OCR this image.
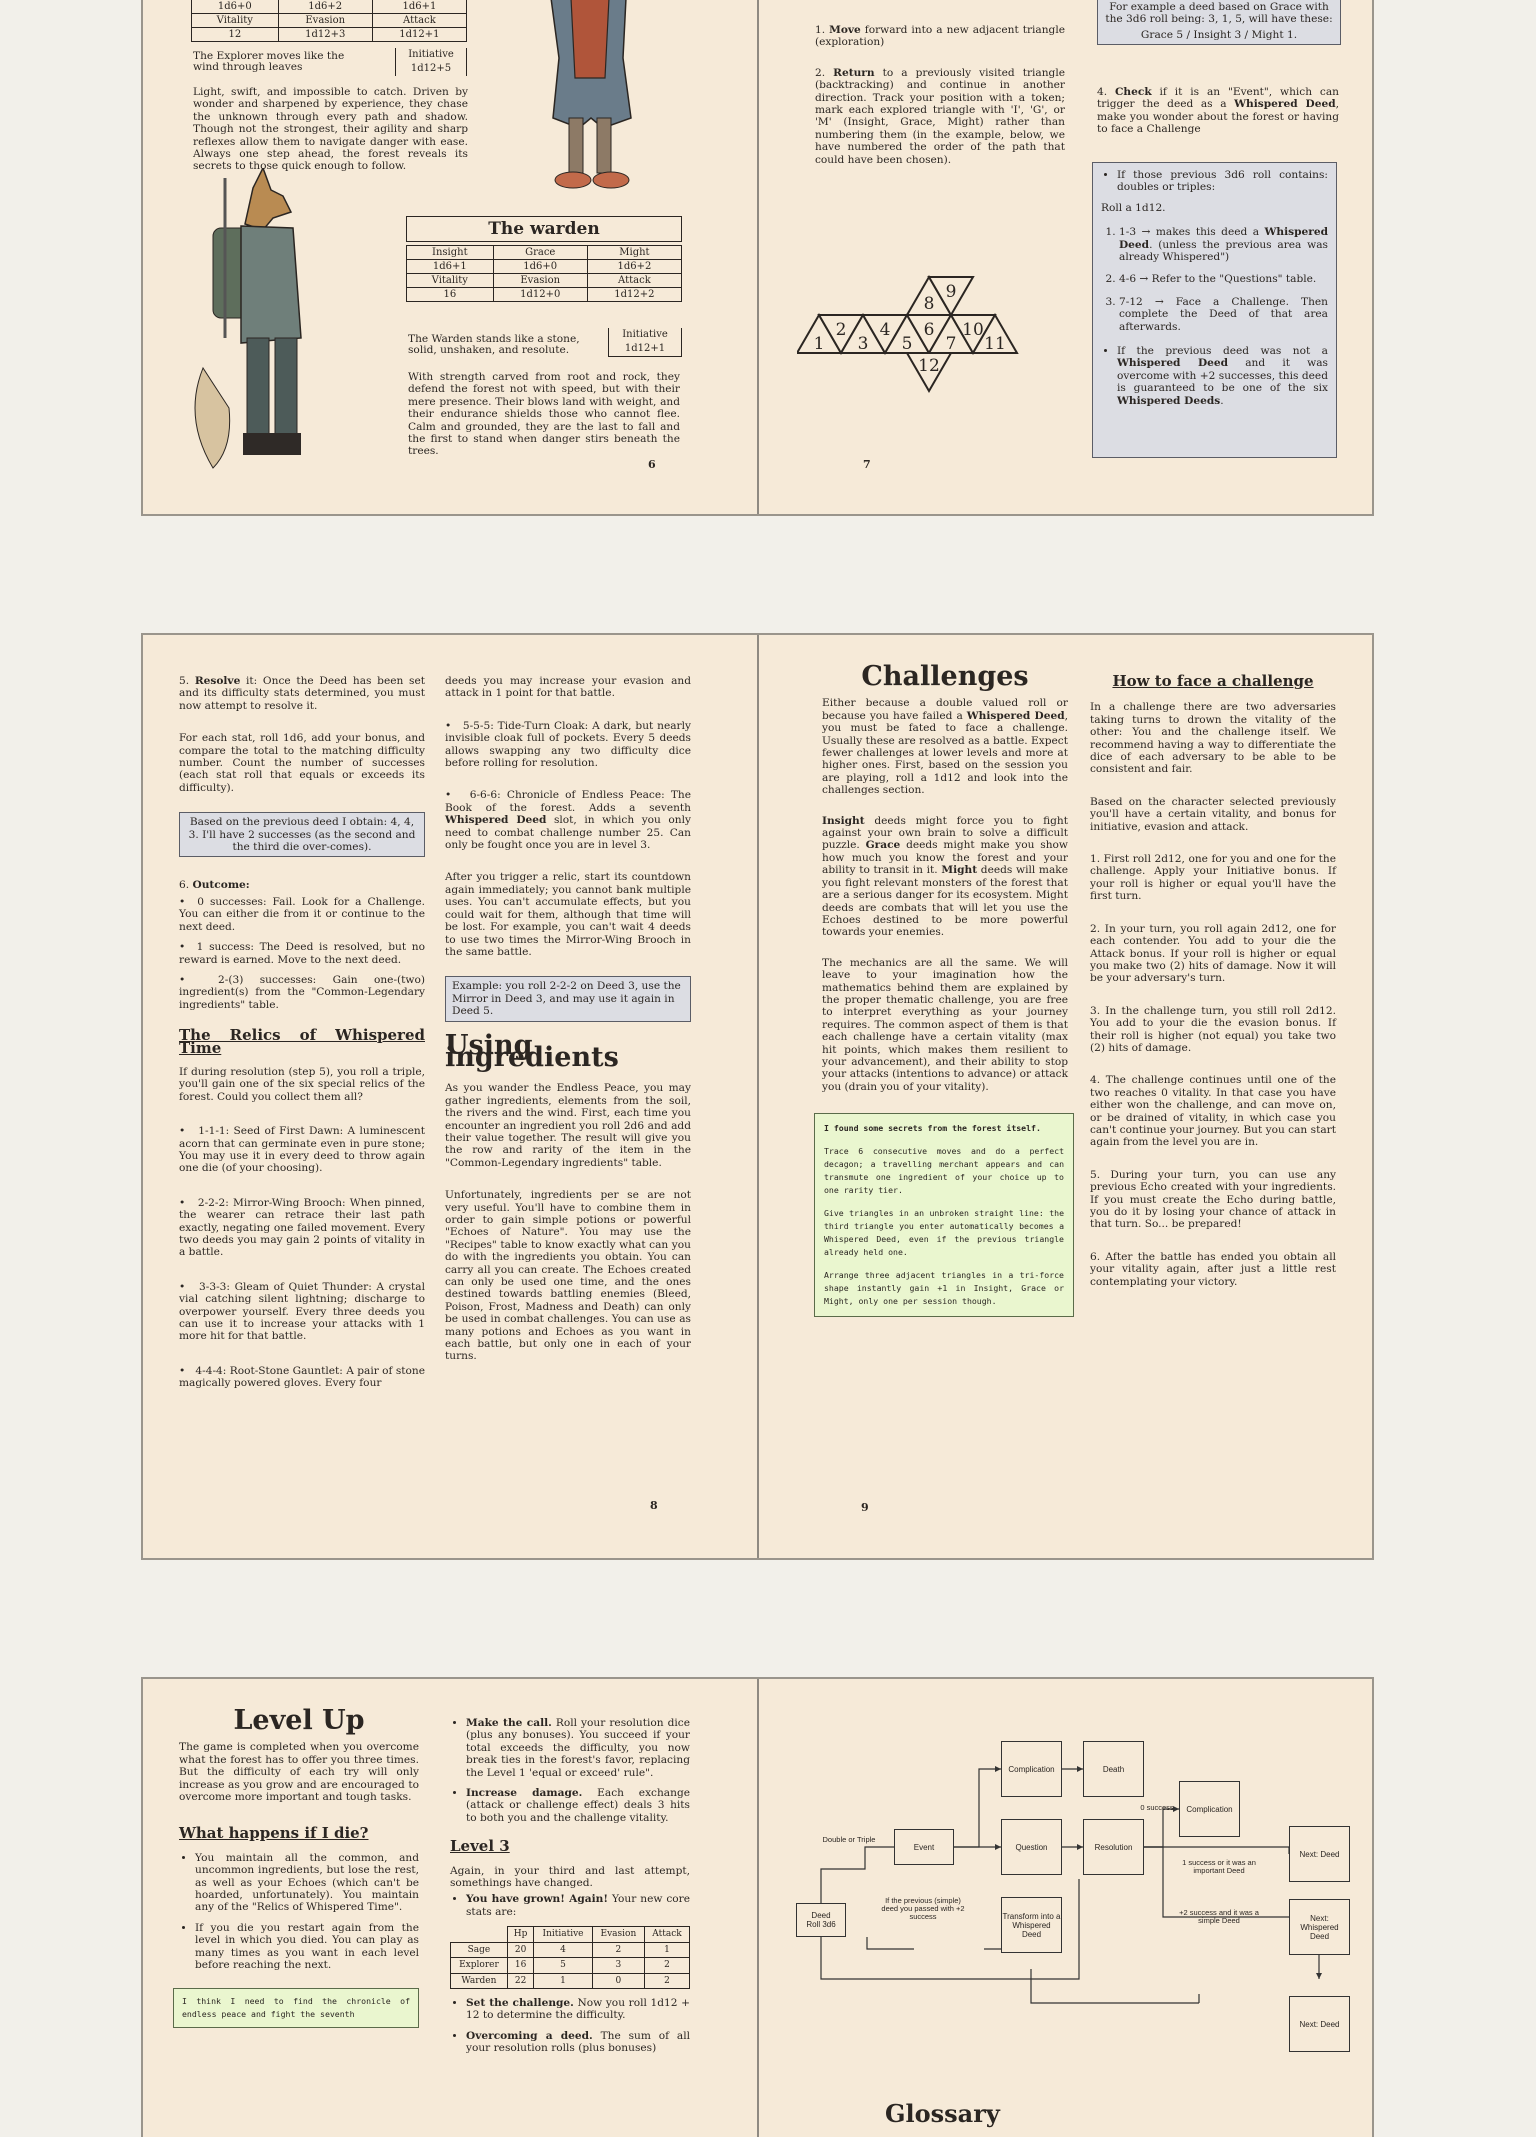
1d6+0	1d6+2	1d6+1
Vitality	Evasion	Attack
12	1d12+3	1d12+1
The Explorer moves like the wind through leaves
Initiative
1d12+5
Light, swift, and impossible to catch. Driven by wonder and sharpened by experience, they chase the unknown through every path and shadow. Though not the strongest, their agility and sharp reflexes allow them to navigate danger with ease. Always one step ahead, the forest reveals its secrets to those quick enough to follow.
The warden
Insight	Grace	Might
1d6+1	1d6+0	1d6+2
Vitality	Evasion	Attack
16	1d12+0	1d12+2
The Warden stands like a stone, solid, unshaken, and resolute.
Initiative
1d12+1
With strength carved from root and rock, they defend the forest not with speed, but with their mere presence. Their blows land with weight, and their endurance shields those who cannot flee. Calm and grounded, they are the last to fall and the first to stand when danger stirs beneath the trees.
6

1. Move forward into a new adjacent triangle (exploration)

2. Return to a previously visited triangle (backtracking) and continue in another direction. Track your position with a token; mark each explored triangle with 'I', 'G', or 'M' (Insight, Grace, Might) rather than numbering them (in the example, below, we have numbered the order of the path that could have been chosen).

1
2
3
4
5
6
7
8
9
10
11
12
7
For example a deed based on Grace with the 3d6 roll being: 3, 1, 5, will have these:
Grace 5 / Insight 3 / Might 1.
4. Check if it is an "Event", which can trigger the deed as a Whispered Deed, make you wonder about the forest or having to face a Challenge
• If those previous 3d6 roll contains: doubles or triples:
Roll a 1d12.
1. 1-3 → makes this deed a Whispered Deed. (unless the previous area was already Whispered")
2. 4-6 → Refer to the "Questions" table.
3. 7-12 → Face a Challenge. Then complete the Deed of that area afterwards.
• If the previous deed was not a Whispered Deed and it was overcome with +2 successes, this deed is guaranteed to be one of the six Whispered Deeds.

5. Resolve it: Once the Deed has been set and its difficulty stats determined, you must now attempt to resolve it.

For each stat, roll 1d6, add your bonus, and compare the total to the matching difficulty number. Count the number of successes (each stat roll that equals or exceeds its difficulty).

Based on the previous deed I obtain: 4, 4, 3. I'll have 2 successes (as the second and the third die over-comes).

6. Outcome:

•  0 successes: Fail. Look for a Challenge. You can either die from it or continue to the next deed.
•  1 success: The Deed is resolved, but no reward is earned. Move to the next deed.
•  2-(3) successes: Gain one-(two) ingredient(s) from the "Common-Legendary ingredients" table.
The Relics of Whispered Time

If during resolution (step 5), you roll a triple, you'll gain one of the six special relics of the forest. Could you collect them all?

•   1-1-1: Seed of First Dawn: A luminescent acorn that can germinate even in pure stone; You may use it in every deed to throw again one die (of your choosing).

•   2-2-2: Mirror-Wing Brooch: When pinned, the wearer can retrace their last path exactly, negating one failed movement. Every two deeds you may gain 2 points of vitality in a battle.

•   3-3-3: Gleam of Quiet Thunder: A crystal vial catching silent lightning; discharge to overpower yourself. Every three deeds you can use it to increase your attacks with 1 more hit for that battle.

•   4-4-4: Root-Stone Gauntlet: A pair of stone magically powered gloves. Every four

deeds you may increase your evasion and attack in 1 point for that battle.

•   5-5-5: Tide-Turn Cloak: A dark, but nearly invisible cloak full of pockets. Every 5 deeds allows swapping any two difficulty dice before rolling for resolution.

•   6-6-6: Chronicle of Endless Peace: The Book of the forest. Adds a seventh Whispered Deed slot, in which you only need to combat challenge number 25. Can only be fought once you are in level 3.

After you trigger a relic, start its countdown again immediately; you cannot bank multiple uses. You can't accumulate effects, but you could wait for them, although that time will be lost. For example, you can't wait 4 deeds to use two times the Mirror-Wing Brooch in the same battle.

Example: you roll 2-2-2 on Deed 3, use the Mirror in Deed 3, and may use it again in Deed 5.
Using ingredients

As you wander the Endless Peace, you may gather ingredients, elements from the soil, the rivers and the wind. First, each time you encounter an ingredient you roll 2d6 and add their value together. The result will give you the row and rarity of the item in the "Common-Legendary ingredients" table.

Unfortunately, ingredients per se are not very useful. You'll have to combine them in order to gain simple potions or powerful "Echoes of Nature". You may use the "Recipes" table to know exactly what can you do with the ingredients you obtain. You can carry all you can create. The Echoes created can only be used one time, and the ones destined towards battling enemies (Bleed, Poison, Frost, Madness and Death) can only be used in combat challenges. You can use as many potions and Echoes as you want in each battle, but only one in each of your turns.

8
Challenges

Either because a double valued roll or because you have failed a Whispered Deed, you must be fated to face a challenge. Usually these are resolved as a battle. Expect fewer challenges at lower levels and more at higher ones. First, based on the session you are playing, roll a 1d12 and look into the challenges section.

Insight deeds might force you to fight against your own brain to solve a difficult puzzle. Grace deeds might make you show how much you know the forest and your ability to transit in it. Might deeds will make you fight relevant monsters of the forest that are a serious danger for its ecosystem. Might deeds are combats that will let you use the Echoes destined to be more powerful towards your enemies.

The mechanics are all the same. We will leave to your imagination how the mathematics behind them are explained by the proper thematic challenge, you are free to interpret everything as your journey requires. The common aspect of them is that each challenge have a certain vitality (max hit points, which makes them resilient to your advancement), and their ability to stop your attacks (intentions to advance) or attack you (drain you of your vitality).

I found some secrets from the forest itself.

Trace 6 consecutive moves and do a perfect decagon; a travelling merchant appears and can transmute one ingredient of your choice up to one rarity tier.

Give triangles in an unbroken straight line: the third triangle you enter automatically becomes a Whispered Deed, even if the previous triangle already held one.

Arrange three adjacent triangles in a tri-force shape instantly gain +1 in Insight, Grace or Might, only one per session though.

9
How to face a challenge

In a challenge there are two adversaries taking turns to drown the vitality of the other: You and the challenge itself. We recommend having a way to differentiate the dice of each adversary to be able to be consistent and fair.

Based on the character selected previously you'll have a certain vitality, and bonus for initiative, evasion and attack.

1. First roll 2d12, one for you and one for the challenge. Apply your Initiative bonus. If your roll is higher or equal you'll have the first turn.

2. In your turn, you roll again 2d12, one for each contender. You add to your die the Attack bonus. If your roll is higher or equal you make two (2) hits of damage. Now it will be your adversary's turn.

3. In the challenge turn, you still roll 2d12. You add to your die the evasion bonus. If their roll is higher (not equal) you take two (2) hits of damage.

4. The challenge continues until one of the two reaches 0 vitality. In that case you have either won the challenge, and can move on, or be drained of vitality, in which case you can't continue your journey. But you can start again from the level you are in.

5. During your turn, you can use any previous Echo created with your ingredients. If you must create the Echo during battle, you do it by losing your chance of attack in that turn. So... be prepared!

6. After the battle has ended you obtain all your vitality again, after just a little rest contemplating your victory.

Level Up

The game is completed when you overcome what the forest has to offer you three times. But the difficulty of each try will only increase as you grow and are encouraged to overcome more important and tough tasks.

What happens if I die?
• You maintain all the common, and uncommon ingredients, but lose the rest, as well as your Echoes (which can't be hoarded, unfortunately). You maintain any of the "Relics of Whispered Time".
• If you die you restart again from the level in which you died. You can play as many times as you want in each level before reaching the next.
I think I need to find the chronicle of endless peace and fight the seventh
• Make the call. Roll your resolution dice (plus any bonuses). You succeed if your total exceeds the difficulty, you now break ties in the forest's favor, replacing the Level 1 'equal or exceed' rule".
• Increase damage. Each exchange (attack or challenge effect) deals 3 hits to both you and the challenge vitality.
Level 3

Again, in your third and last attempt, somethings have changed.

• You have grown! Again! Your new core stats are:
	Hp	Initiative	Evasion	Attack
Sage	20	4	2	1
Explorer	16	5	3	2
Warden	22	1	0	2
• Set the challenge. Now you roll 1d12 + 12 to determine the difficulty.
• Overcoming a deed. The sum of all your resolution rolls (plus bonuses)
Deed
Roll 3d6
Double or Triple
Event
Complication	Death
0 success	Complication
Question	Resolution
1 success or it was an important Deed
Next: Deed
If the previous (simple) deed you passed with +2 success	Transform into a Whispered Deed
+2 success and it was a simple Deed	Next: Whispered Deed
Next: Deed
Glossary
